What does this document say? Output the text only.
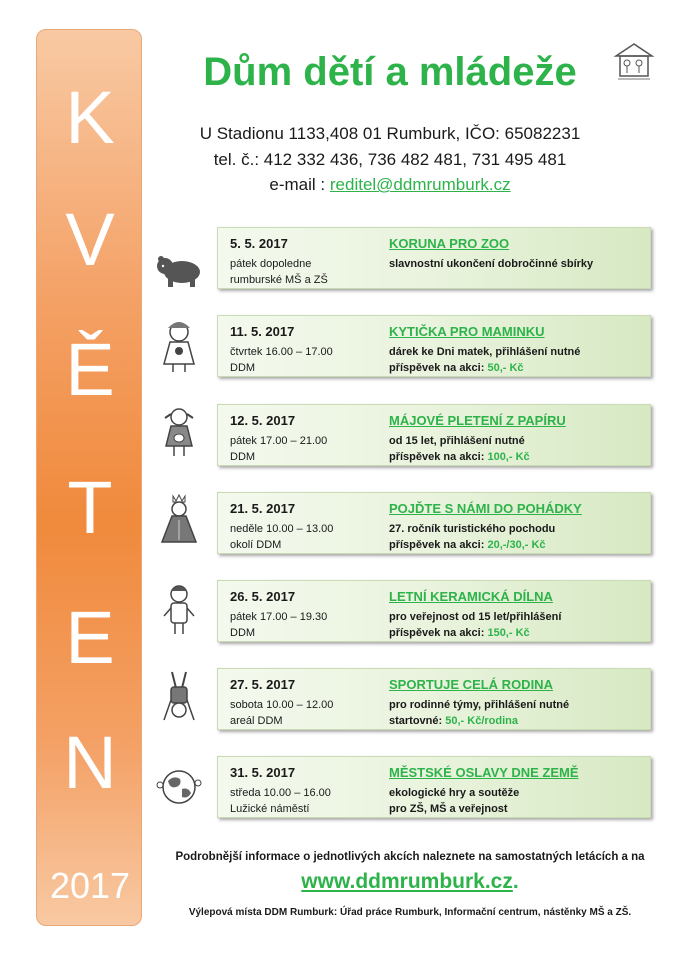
K
V
Ě
T
E
N
2017
Dům dětí a mládeže
U Stadionu 1133,408 01 Rumburk, IČO: 65082231
tel. č.: 412 332 436, 736 482 481, 731 495 481
e-mail : reditel@ddmrumburk.cz
5. 5. 2017
pátek dopoledne
rumburské MŠ a ZŠ
KORUNA PRO ZOO
slavnostní ukončení dobročinné sbírky
11. 5. 2017
čtvrtek 16.00 – 17.00
DDM
KYTIČKA PRO MAMINKU
dárek ke Dni matek, přihlášení nutné
příspěvek na akci: 50,- Kč
12. 5. 2017
pátek 17.00 – 21.00
DDM
MÁJOVÉ PLETENÍ Z PAPÍRU
od 15 let, přihlášení nutné
příspěvek na akci: 100,- Kč
21. 5. 2017
neděle 10.00 – 13.00
okolí DDM
POJĎTE S NÁMI DO POHÁDKY
27. ročník turistického pochodu
příspěvek na akci: 20,-/30,- Kč
26. 5. 2017
pátek 17.00 – 19.30
DDM
LETNÍ KERAMICKÁ DÍLNA
pro veřejnost od 15 let/přihlášení
příspěvek na akci: 150,- Kč
27. 5. 2017
sobota 10.00 – 12.00
areál DDM
SPORTUJE CELÁ RODINA
pro rodinné týmy, přihlášení nutné
startovné: 50,- Kč/rodina
31. 5. 2017
středa 10.00 – 16.00
Lužické náměstí
MĚSTSKÉ OSLAVY DNE ZEMĚ
ekologické hry a soutěže
pro ZŠ, MŠ a veřejnost
Podrobnější informace o jednotlivých akcích naleznete na samostatných letácích a na
www.ddmrumburk.cz.
Výlepová místa DDM Rumburk: Úřad práce Rumburk, Informační centrum, nástěnky MŠ a ZŠ.
